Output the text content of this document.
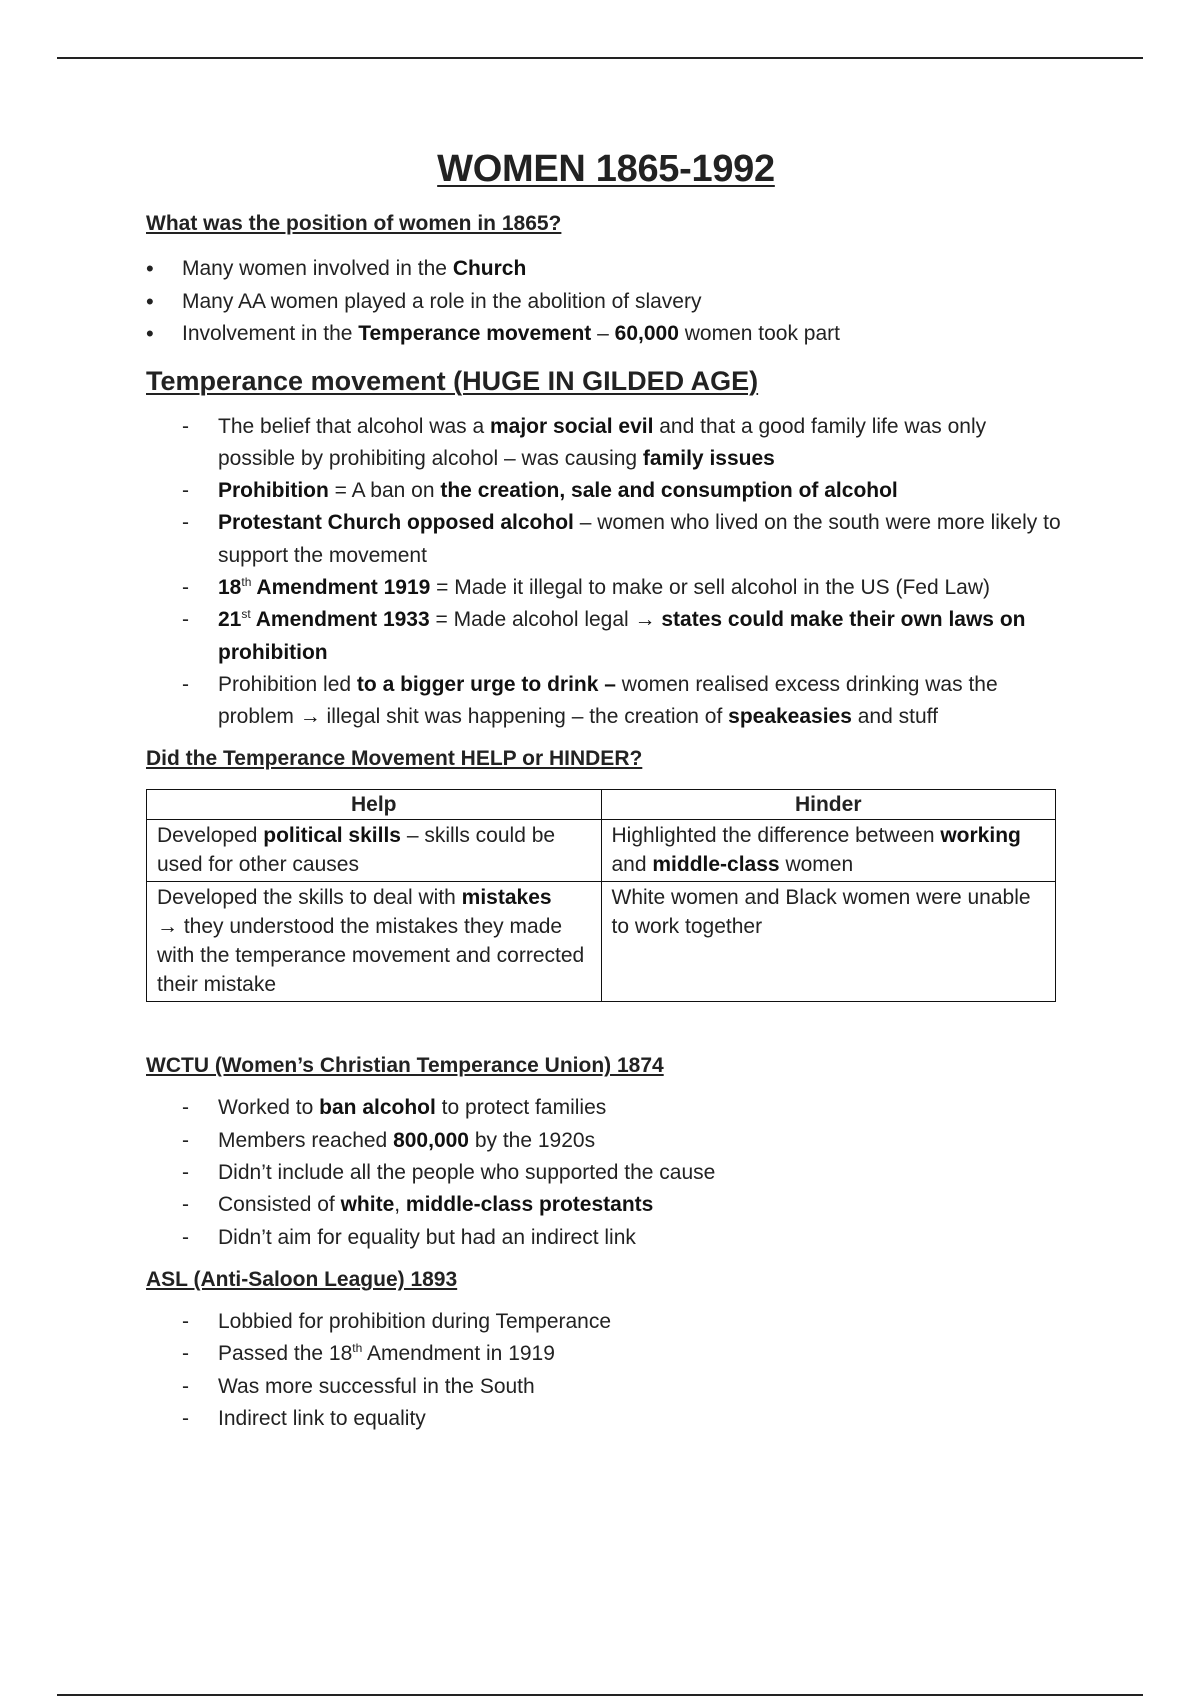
WOMEN 1865-1992

What was the position of women in 1865?

• Many women involved in the Church
• Many AA women played a role in the abolition of slavery
• Involvement in the Temperance movement – 60,000 women took part

Temperance movement (HUGE IN GILDED AGE)

- The belief that alcohol was a major social evil and that a good family life was only possible by prohibiting alcohol – was causing family issues
- Prohibition = A ban on the creation, sale and consumption of alcohol
- Protestant Church opposed alcohol – women who lived on the south were more likely to support the movement
- 18th Amendment 1919 = Made it illegal to make or sell alcohol in the US (Fed Law)
- 21st Amendment 1933 = Made alcohol legal → states could make their own laws on prohibition
- Prohibition led to a bigger urge to drink – women realised excess drinking was the problem → illegal shit was happening – the creation of speakeasies and stuff

Did the Temperance Movement HELP or HINDER?

Help	Hinder
Developed political skills – skills could be used for other causes	Highlighted the difference between working and middle-class women
Developed the skills to deal with mistakes
→ they understood the mistakes they made with the temperance movement and corrected their mistake	White women and Black women were unable to work together

WCTU (Women’s Christian Temperance Union) 1874

- Worked to ban alcohol to protect families
- Members reached 800,000 by the 1920s
- Didn’t include all the people who supported the cause
- Consisted of white, middle-class protestants
- Didn’t aim for equality but had an indirect link

ASL (Anti-Saloon League) 1893

- Lobbied for prohibition during Temperance
- Passed the 18th Amendment in 1919
- Was more successful in the South
- Indirect link to equality
